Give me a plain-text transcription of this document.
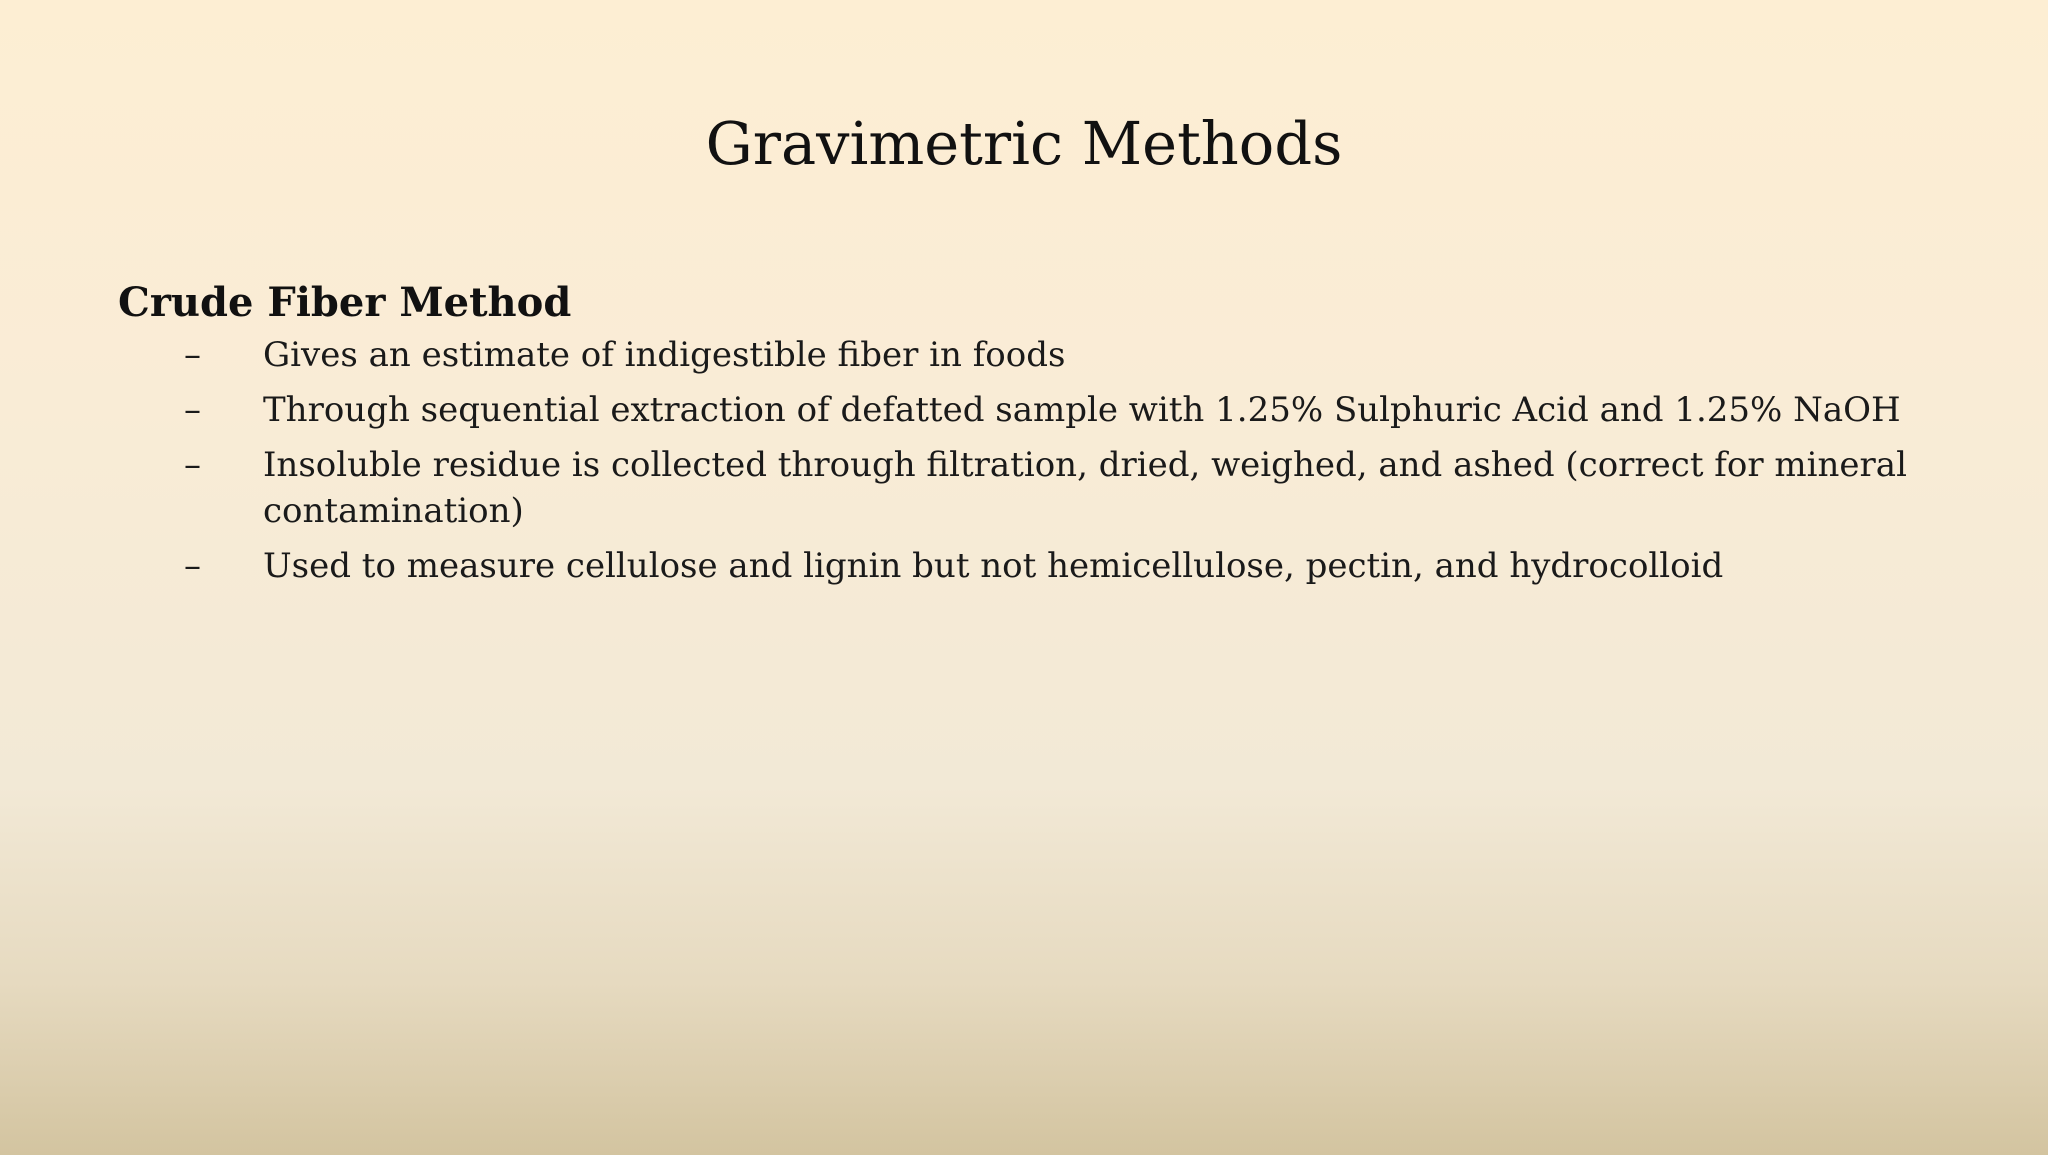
Gravimetric Methods
Crude Fiber Method
– Gives an estimate of indigestible fiber in foods
– Through sequential extraction of defatted sample with 1.25% Sulphuric Acid and 1.25% NaOH
– Insoluble residue is collected through filtration, dried, weighed, and ashed (correct for mineral contamination)
– Used to measure cellulose and lignin but not hemicellulose, pectin, and hydrocolloid
